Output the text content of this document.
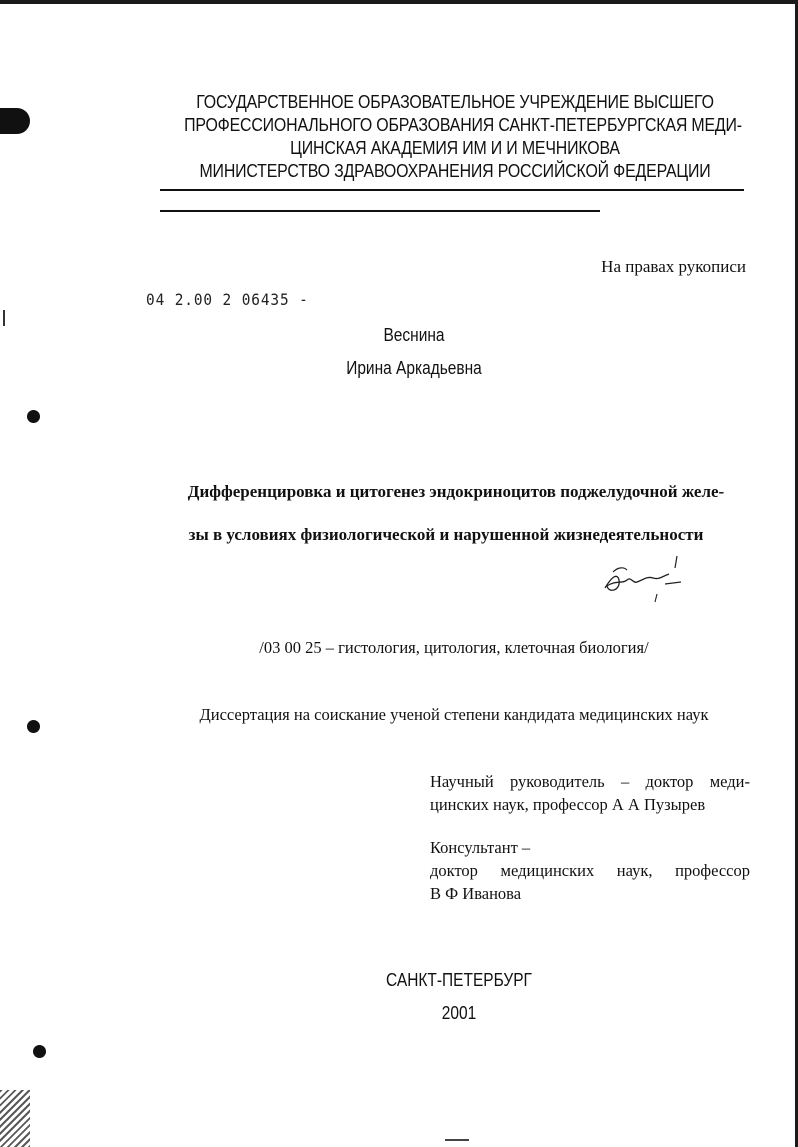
ГОСУДАРСТВЕННОЕ ОБРАЗОВАТЕЛЬНОЕ УЧРЕЖДЕНИЕ ВЫСШЕГО
ПРОФЕССИОНАЛЬНОГО ОБРАЗОВАНИЯ САНКТ-ПЕТЕРБУРГСКАЯ МЕДИ-
ЦИНСКАЯ АКАДЕМИЯ ИМ И И МЕЧНИКОВА
МИНИСТЕРСТВО ЗДРАВООХРАНЕНИЯ РОССИЙСКОЙ ФЕДЕРАЦИИ
На правах рукописи
04 2.00 2 06435 -
Веснина
Ирина Аркадьевна
Дифференцировка и цитогенез эндокриноцитов поджелудочной желе-
зы в условиях физиологической и нарушенной жизнедеятельности
/03 00 25 – гистология, цитология, клеточная биология/
Диссертация на соискание ученой степени кандидата медицинских наук
Научный руководитель – доктор меди-
цинских наук, профессор А А Пузырев
Консультант –
доктор медицинских наук, профессор
В Ф Иванова
САНКТ-ПЕТЕРБУРГ
2001
